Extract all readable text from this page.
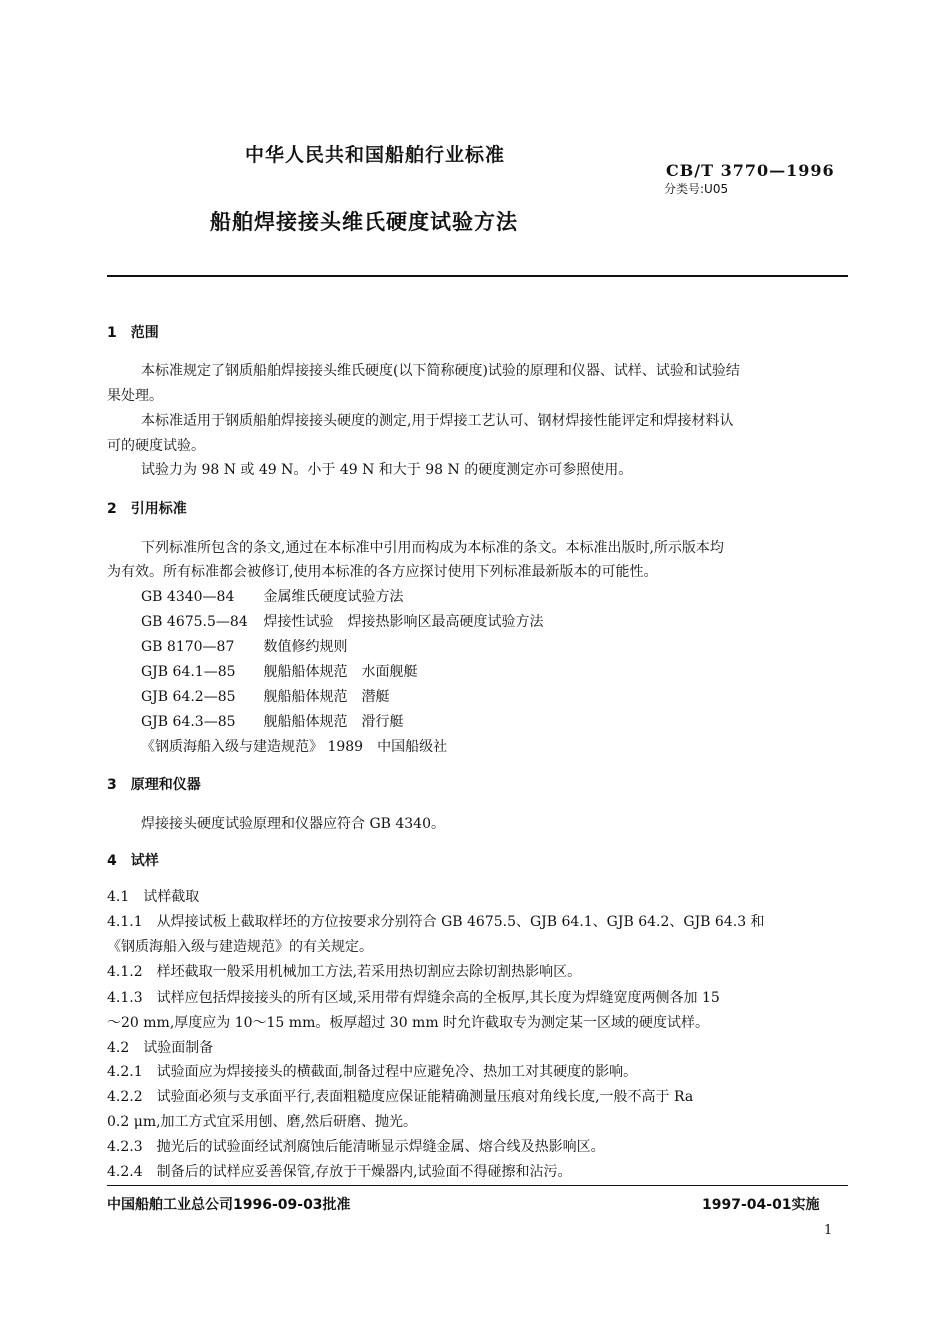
中华人民共和国船舶行业标准
CB/T 3770—1996
分类号:U05
船舶焊接接头维氏硬度试验方法
1　范围
本标准规定了钢质船舶焊接接头维氏硬度(以下简称硬度)试验的原理和仪器、试样、试验和试验结
果处理。
本标准适用于钢质船舶焊接接头硬度的测定,用于焊接工艺认可、钢材焊接性能评定和焊接材料认
可的硬度试验。
试验力为 98 N 或 49 N。小于 49 N 和大于 98 N 的硬度测定亦可参照使用。
2　引用标准
下列标准所包含的条文,通过在本标准中引用而构成为本标准的条文。本标准出版时,所示版本均
为有效。所有标准都会被修订,使用本标准的各方应探讨使用下列标准最新版本的可能性。
GB 4340—84 金属维氏硬度试验方法
GB 4675.5—84 焊接性试验　焊接热影响区最高硬度试验方法
GB 8170—87 数值修约规则
GJB 64.1—85 舰船船体规范　水面舰艇
GJB 64.2—85 舰船船体规范　潜艇
GJB 64.3—85 舰船船体规范　滑行艇
《钢质海船入级与建造规范》 1989　中国船级社
3　原理和仪器
焊接接头硬度试验原理和仪器应符合 GB 4340。
4　试样
4.1　试样截取
4.1.1　从焊接试板上截取样坯的方位按要求分别符合 GB 4675.5、GJB 64.1、GJB 64.2、GJB 64.3 和
《钢质海船入级与建造规范》的有关规定。
4.1.2　样坯截取一般采用机械加工方法,若采用热切割应去除切割热影响区。
4.1.3　试样应包括焊接接头的所有区域,采用带有焊缝余高的全板厚,其长度为焊缝宽度两侧各加 15
～20 mm,厚度应为 10～15 mm。板厚超过 30 mm 时允许截取专为测定某一区域的硬度试样。
4.2　试验面制备
4.2.1　试验面应为焊接接头的横截面,制备过程中应避免冷、热加工对其硬度的影响。
4.2.2　试验面必须与支承面平行,表面粗糙度应保证能精确测量压痕对角线长度,一般不高于 Ra
0.2 μm,加工方式宜采用刨、磨,然后研磨、抛光。
4.2.3　抛光后的试验面经试剂腐蚀后能清晰显示焊缝金属、熔合线及热影响区。
4.2.4　制备后的试样应妥善保管,存放于干燥器内,试验面不得碰擦和沾污。
中国船舶工业总公司1996-09-03批准	1997-04-01实施
1
